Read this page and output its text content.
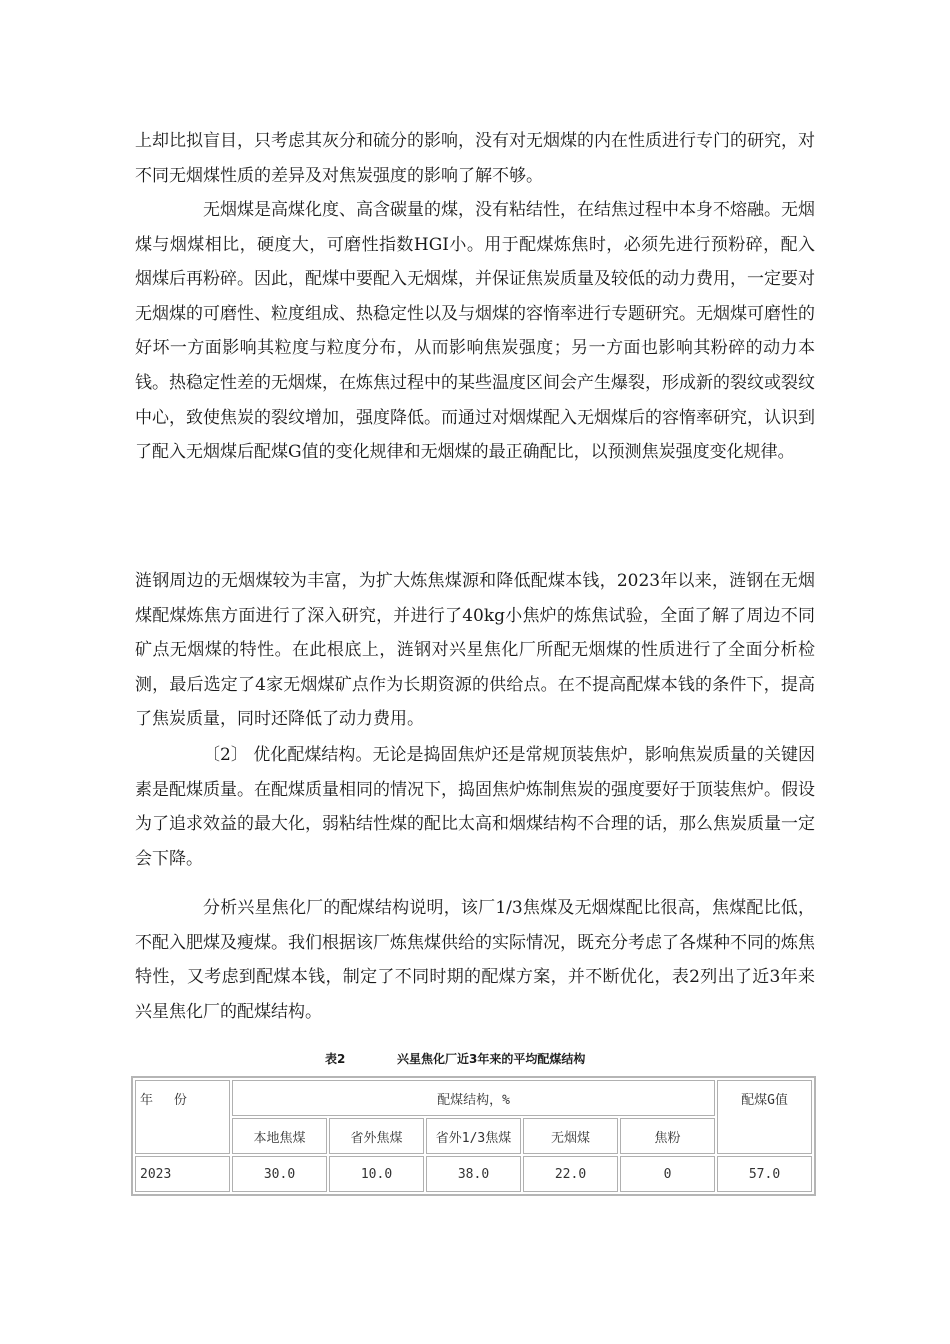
上却比拟盲目，只考虑其灰分和硫分的影响，没有对无烟煤的内在性质进行专门的研究，对不同无烟煤性质的差异及对焦炭强度的影响了解不够。

无烟煤是高煤化度、高含碳量的煤，没有粘结性，在结焦过程中本身不熔融。无烟煤与烟煤相比，硬度大，可磨性指数HGI小。用于配煤炼焦时，必须先进行预粉碎，配入烟煤后再粉碎。因此，配煤中要配入无烟煤，并保证焦炭质量及较低的动力费用，一定要对无烟煤的可磨性、粒度组成、热稳定性以及与烟煤的容惰率进行专题研究。无烟煤可磨性的好坏一方面影响其粒度与粒度分布，从而影响焦炭强度；另一方面也影响其粉碎的动力本钱。热稳定性差的无烟煤，在炼焦过程中的某些温度区间会产生爆裂，形成新的裂纹或裂纹中心，致使焦炭的裂纹增加，强度降低。而通过对烟煤配入无烟煤后的容惰率研究，认识到了配入无烟煤后配煤G值的变化规律和无烟煤的最正确配比，以预测焦炭强度变化规律。

涟钢周边的无烟煤较为丰富，为扩大炼焦煤源和降低配煤本钱，2023年以来，涟钢在无烟煤配煤炼焦方面进行了深入研究，并进行了40kg小焦炉的炼焦试验，全面了解了周边不同矿点无烟煤的特性。在此根底上，涟钢对兴星焦化厂所配无烟煤的性质进行了全面分析检测，最后选定了4家无烟煤矿点作为长期资源的供给点。在不提高配煤本钱的条件下，提高了焦炭质量，同时还降低了动力费用。

〔2〕 优化配煤结构。无论是捣固焦炉还是常规顶装焦炉，影响焦炭质量的关键因素是配煤质量。在配煤质量相同的情况下，捣固焦炉炼制焦炭的强度要好于顶装焦炉。假设为了追求效益的最大化，弱粘结性煤的配比太高和烟煤结构不合理的话，那么焦炭质量一定会下降。

分析兴星焦化厂的配煤结构说明，该厂1/3焦煤及无烟煤配比很高，焦煤配比低，不配入肥煤及瘦煤。我们根据该厂炼焦煤供给的实际情况，既充分考虑了各煤种不同的炼焦特性，又考虑到配煤本钱，制定了不同时期的配煤方案，并不断优化，表2列出了近3年来兴星焦化厂的配煤结构。

表2	兴星焦化厂近3年来的平均配煤结构
年　 份	配煤结构，%					配煤G值
	本地焦煤	省外焦煤	省外1/3焦煤	无烟煤	焦粉	
2023	30.0	10.0	38.0	22.0	0	57.0
